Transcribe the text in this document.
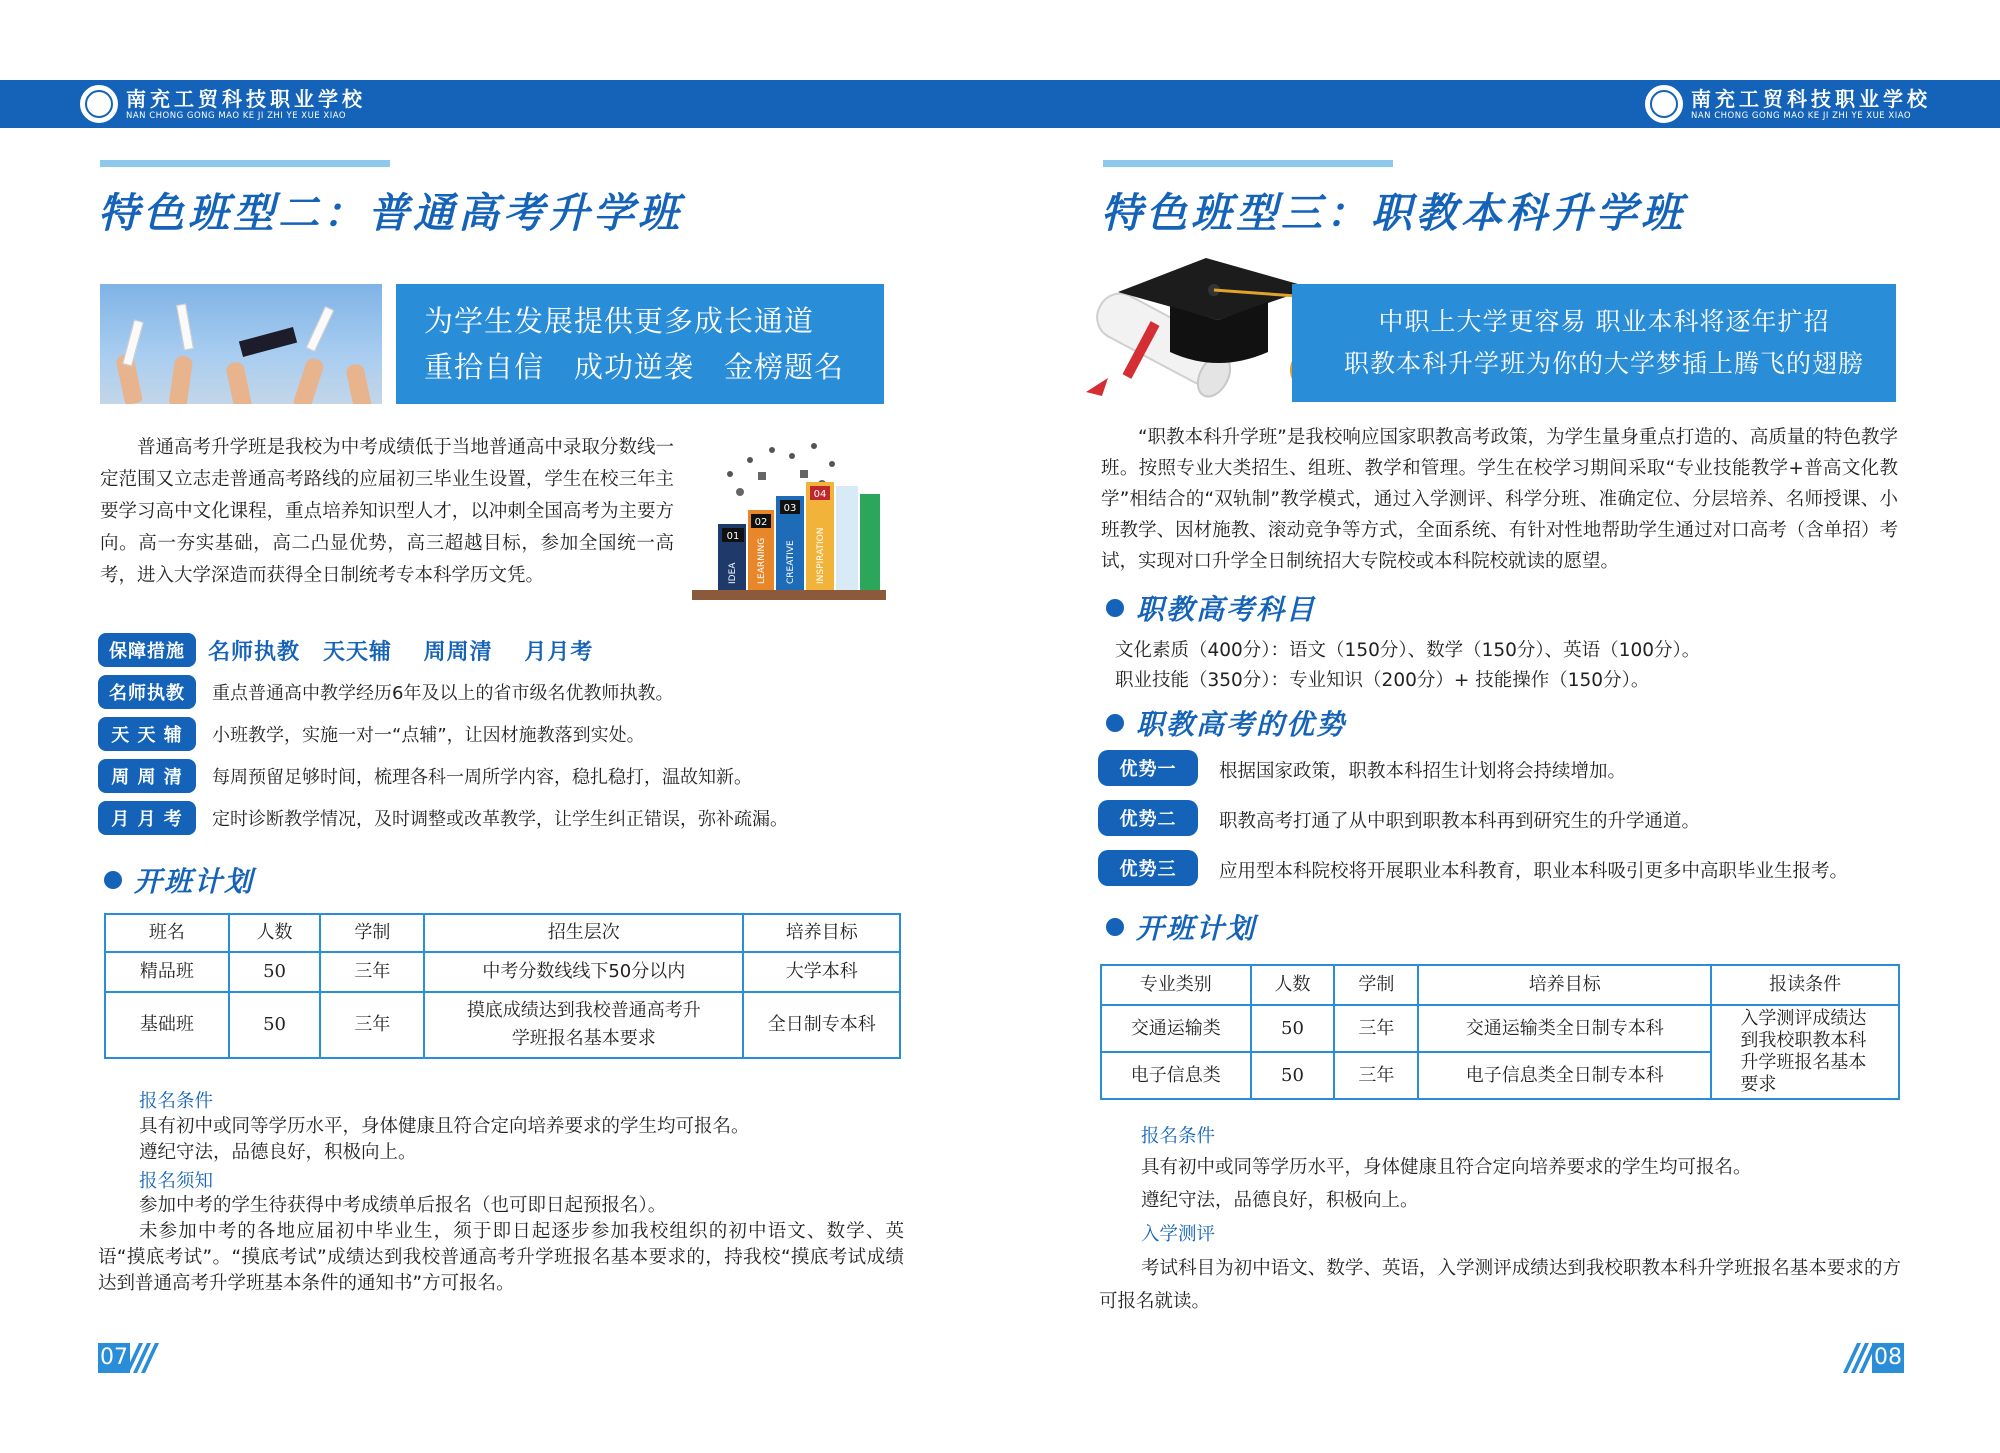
南充工贸科技职业学校
NAN CHONG GONG MAO KE JI ZHI YE XUE XIAO
南充工贸科技职业学校
NAN CHONG GONG MAO KE JI ZHI YE XUE XIAO
特色班型二：普通高考升学班
为学生发展提供更多成长通道
重拾自信　成功逆袭　金榜题名
普通高考升学班是我校为中考成绩低于当地普通高中录取分数线一定范围又立志走普通高考路线的应届初三毕业生设置，学生在校三年主要学习高中文化课程，重点培养知识型人才，以冲刺全国高考为主要方向。高一夯实基础，高二凸显优势，高三超越目标，参加全国统一高考，进入大学深造而获得全日制统考专本科学历文凭。
01
02
03
04
IDEA LEARNING CREATIVE INSPIRATION
保障措施	名师执教　天天辅　 周周清　 月月考
名师执教	重点普通高中教学经历6年及以上的省市级名优教师执教。
天 天 辅	小班教学，实施一对一“点辅”，让因材施教落到实处。
周 周 清	每周预留足够时间，梳理各科一周所学内容，稳扎稳打，温故知新。
月 月 考	定时诊断教学情况，及时调整或改革教学，让学生纠正错误，弥补疏漏。
开班计划
班名	人数	学制	招生层次	培养目标
精品班	50	三年	中考分数线线下50分以内	大学本科
基础班	50	三年	摸底成绩达到我校普通高考升学班报名基本要求	全日制专本科
报名条件
具有初中或同等学历水平，身体健康且符合定向培养要求的学生均可报名。
遵纪守法，品德良好，积极向上。
报名须知
参加中考的学生待获得中考成绩单后报名（也可即日起预报名）。
未参加中考的各地应届初中毕业生，须于即日起逐步参加我校组织的初中语文、数学、英语“摸底考试”。“摸底考试”成绩达到我校普通高考升学班报名基本要求的，持我校“摸底考试成绩达到普通高考升学班基本条件的通知书”方可报名。
07
特色班型三：职教本科升学班
中职上大学更容易 职业本科将逐年扩招
职教本科升学班为你的大学梦插上腾飞的翅膀
“职教本科升学班”是我校响应国家职教高考政策，为学生量身重点打造的、高质量的特色教学班。按照专业大类招生、组班、教学和管理。学生在校学习期间采取“专业技能教学+普高文化教学”相结合的“双轨制”教学模式，通过入学测评、科学分班、准确定位、分层培养、名师授课、小班教学、因材施教、滚动竞争等方式，全面系统、有针对性地帮助学生通过对口高考（含单招）考试，实现对口升学全日制统招大专院校或本科院校就读的愿望。
职教高考科目
文化素质（400分）：语文（150分）、数学（150分）、英语（100分）。
职业技能（350分）：专业知识（200分）+ 技能操作（150分）。
职教高考的优势
优势一	根据国家政策，职教本科招生计划将会持续增加。
优势二	职教高考打通了从中职到职教本科再到研究生的升学通道。
优势三	应用型本科院校将开展职业本科教育，职业本科吸引更多中高职毕业生报考。
开班计划
专业类别	人数	学制	培养目标	报读条件
交通运输类	50	三年	交通运输类全日制专本科	入学测评成绩达到我校职教本科升学班报名基本要求
电子信息类	50	三年	电子信息类全日制专本科	
报名条件
具有初中或同等学历水平，身体健康且符合定向培养要求的学生均可报名。
遵纪守法，品德良好，积极向上。
入学测评
考试科目为初中语文、数学、英语，入学测评成绩达到我校职教本科升学班报名基本要求的方可报名就读。
08
